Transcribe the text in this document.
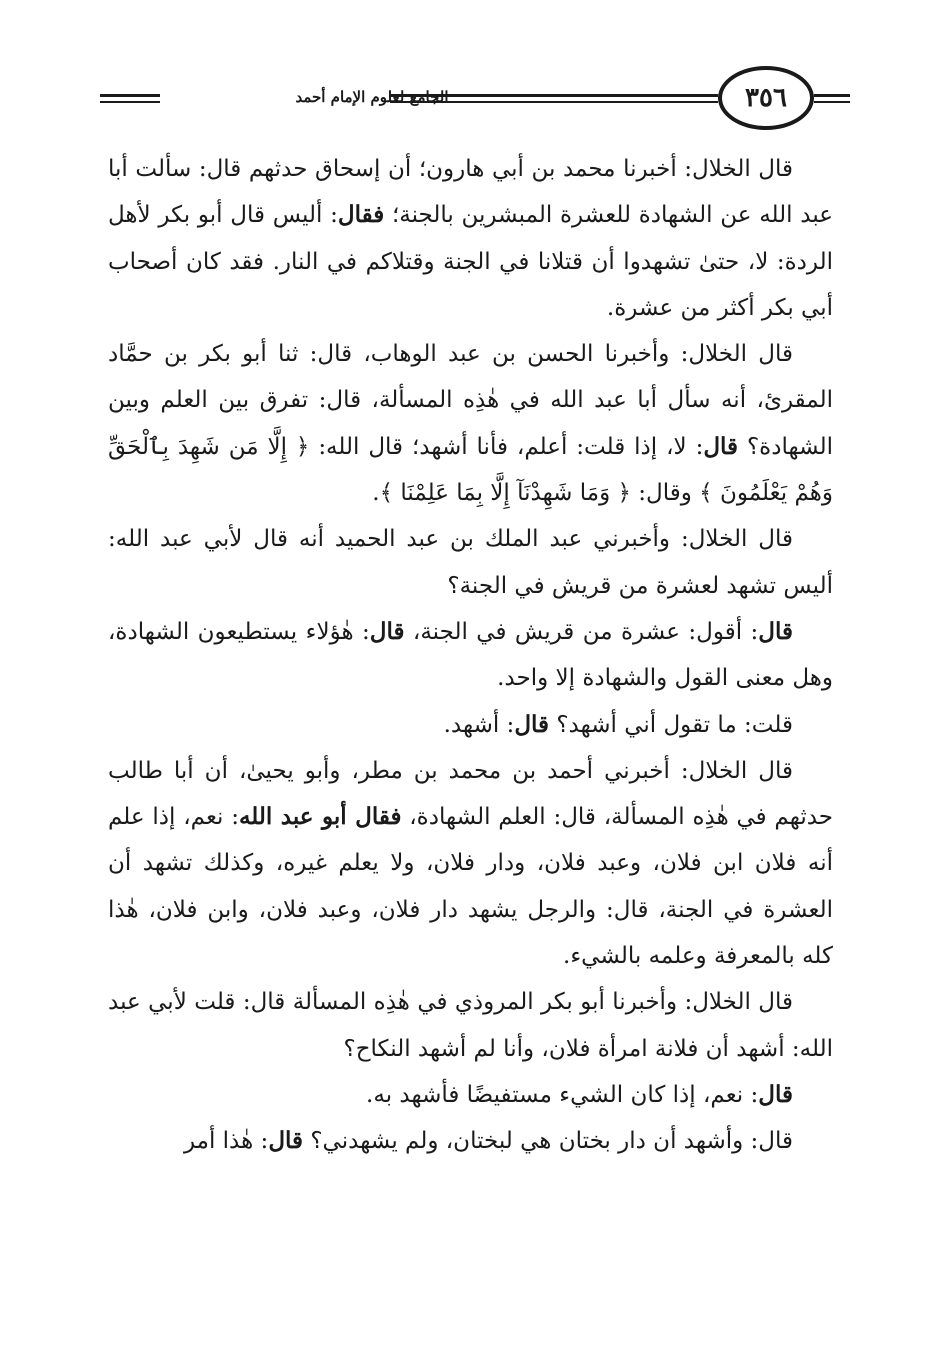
الجامع لعلوم الإمام أحمد	٣٥٦

قال الخلال: أخبرنا محمد بن أبي هارون؛ أن إسحاق حدثهم قال: سألت أبا عبد الله عن الشهادة للعشرة المبشرين بالجنة؛ فقال: أليس قال أبو بكر لأهل الردة: لا، حتىٰ تشهدوا أن قتلانا في الجنة وقتلاكم في النار. فقد كان أصحاب أبي بكر أكثر من عشرة.

قال الخلال: وأخبرنا الحسن بن عبد الوهاب، قال: ثنا أبو بكر بن حمَّاد المقرئ، أنه سأل أبا عبد الله في هٰذِه المسألة، قال: تفرق بين العلم وبين الشهادة؟ قال: لا، إذا قلت: أعلم، فأنا أشهد؛ قال الله: ﴿ إِلَّا مَن شَهِدَ بِٱلْحَقِّ وَهُمْ يَعْلَمُونَ ﴾ وقال: ﴿ وَمَا شَهِدْنَآ إِلَّا بِمَا عَلِمْنَا ﴾.

قال الخلال: وأخبرني عبد الملك بن عبد الحميد أنه قال لأبي عبد الله: أليس تشهد لعشرة من قريش في الجنة؟

قال: أقول: عشرة من قريش في الجنة، قال: هٰؤلاء يستطيعون الشهادة، وهل معنى القول والشهادة إلا واحد.

قلت: ما تقول أني أشهد؟ قال: أشهد.

قال الخلال: أخبرني أحمد بن محمد بن مطر، وأبو يحيىٰ، أن أبا طالب حدثهم في هٰذِه المسألة، قال: العلم الشهادة، فقال أبو عبد الله: نعم، إذا علم أنه فلان ابن فلان، وعبد فلان، ودار فلان، ولا يعلم غيره، وكذلك تشهد أن العشرة في الجنة، قال: والرجل يشهد دار فلان، وعبد فلان، وابن فلان، هٰذا كله بالمعرفة وعلمه بالشيء.

قال الخلال: وأخبرنا أبو بكر المروذي في هٰذِه المسألة قال: قلت لأبي عبد الله: أشهد أن فلانة امرأة فلان، وأنا لم أشهد النكاح؟

قال: نعم، إذا كان الشيء مستفيضًا فأشهد به.

قال: وأشهد أن دار بختان هي لبختان، ولم يشهدني؟ قال: هٰذا أمر
